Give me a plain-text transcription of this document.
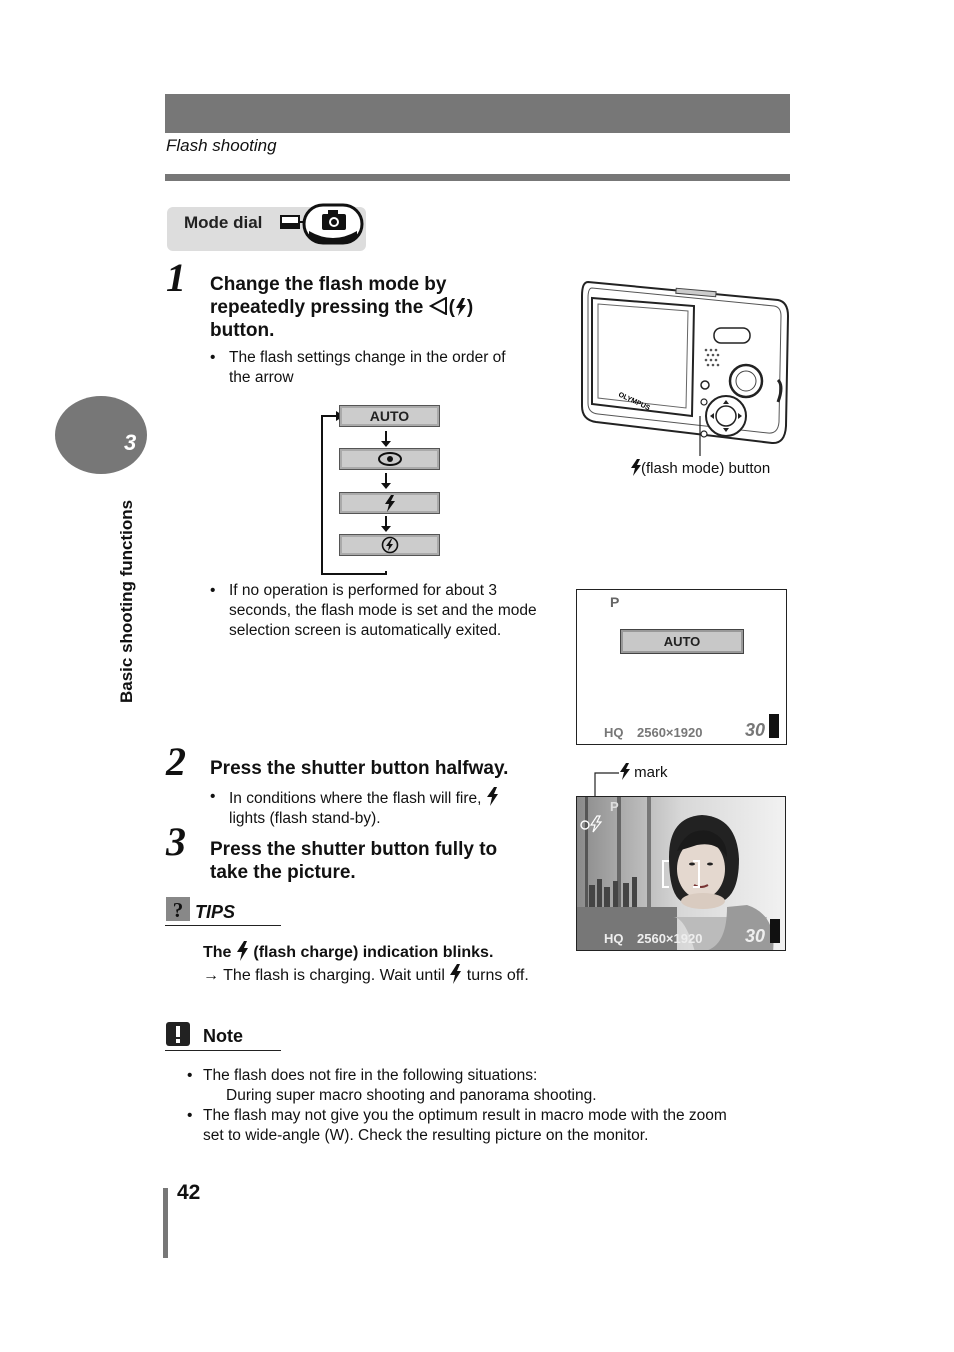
Flash shooting
Mode dial
3
Basic shooting functions
1 Change the flash mode by
repeatedly pressing the ( )
button.
• The flash settings change in the order of
the arrow
AUTO
• If no operation is performed for about 3
seconds, the flash mode is set and the mode
selection screen is automatically exited.
OLYMPUS
(flash mode) button
P
AUTO
HQ 2560×1920 30
2 Press the shutter button halfway.
• In conditions where the flash will fire,
lights (flash stand-by).
mark
P
HQ 2560×1920 30
3 Press the shutter button fully to
take the picture.
? TIPS
The (flash charge) indication blinks.
→ The flash is charging. Wait until turns off.
Note
• The flash does not fire in the following situations:
During super macro shooting and panorama shooting.
• The flash may not give you the optimum result in macro mode with the zoom
set to wide-angle (W). Check the resulting picture on the monitor.
42
